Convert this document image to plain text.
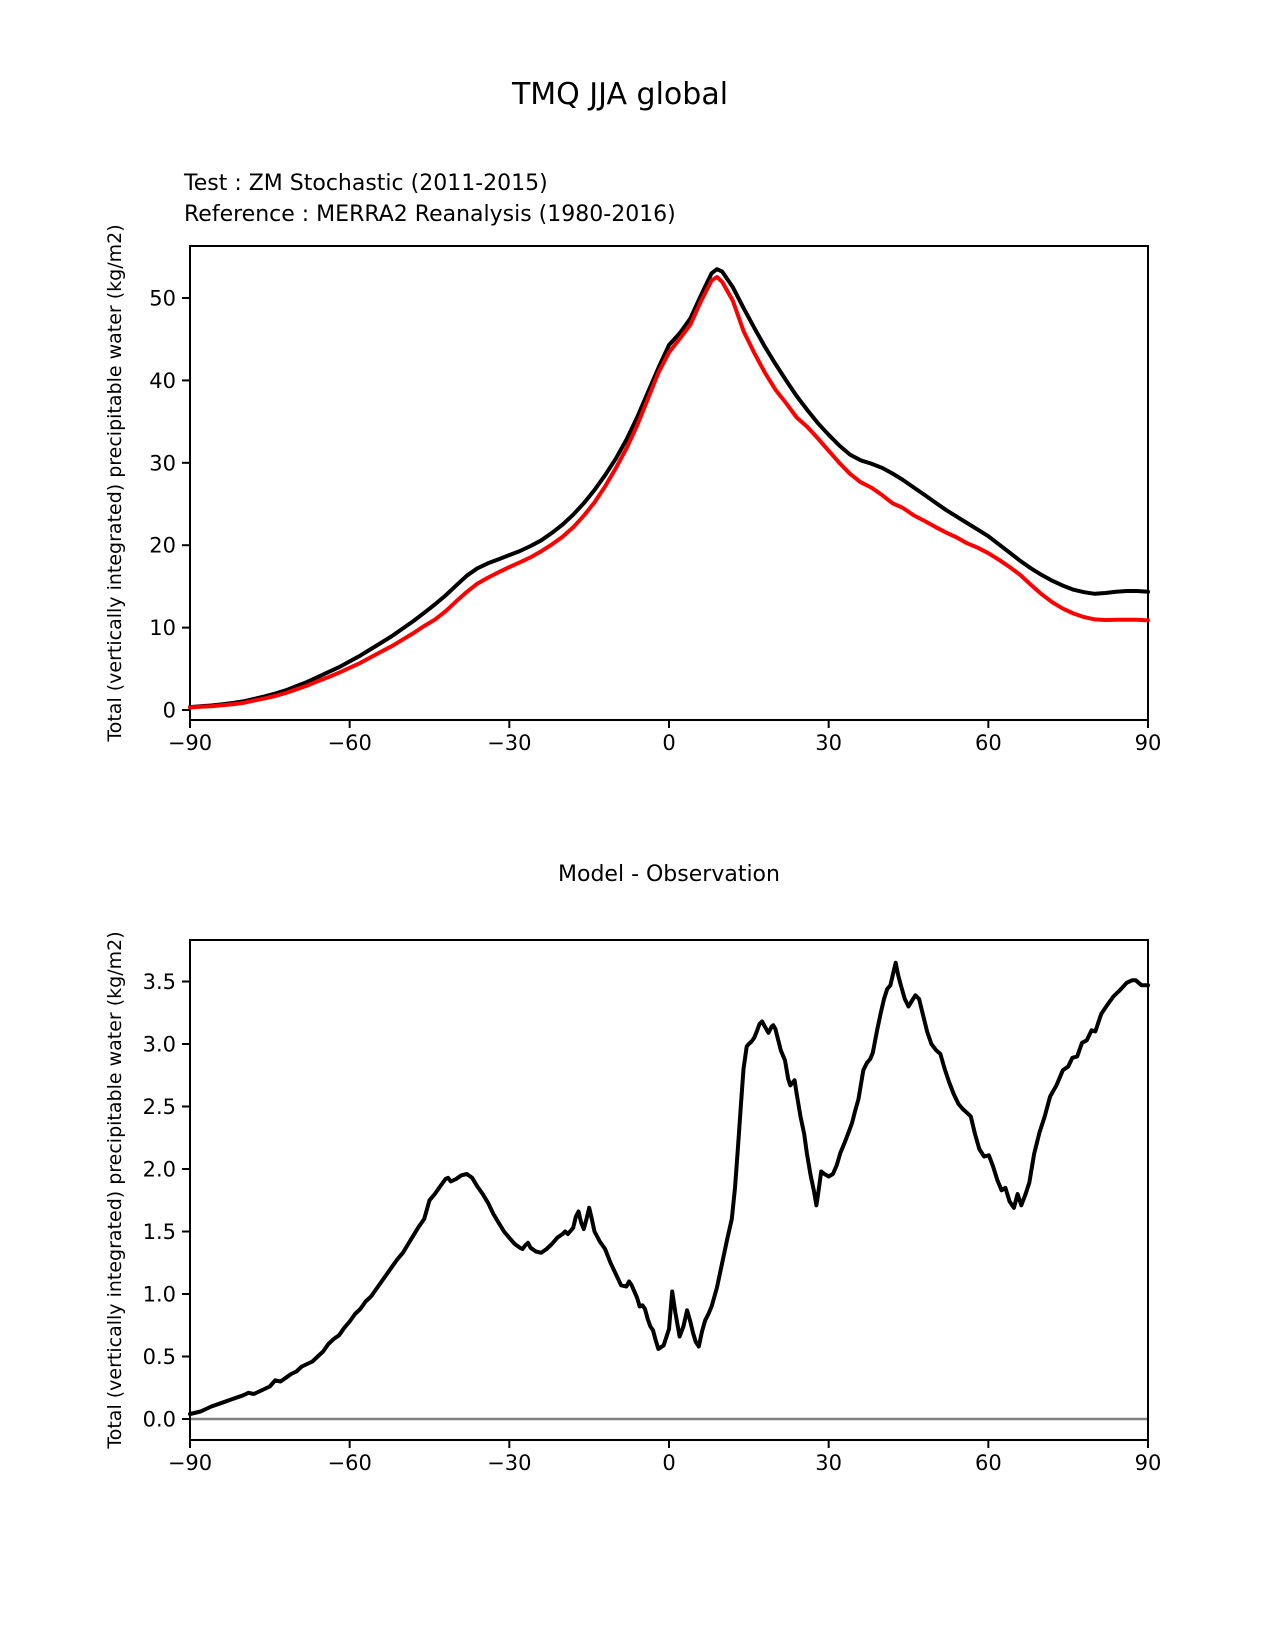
TMQ JJA global
Test : ZM Stochastic (2011-2015)
Reference : MERRA2 Reanalysis (1980-2016)
Total (vertically integrated) precipitable water (kg/m2)
Model - Observation
Total (vertically integrated) precipitable water (kg/m2)
−90	−60	−30	0	30	60	90
0
10
20
30
40
50
−90	−60	−30	0	30	60	90
0.0
0.5
1.0
1.5
2.0
2.5
3.0
3.5
